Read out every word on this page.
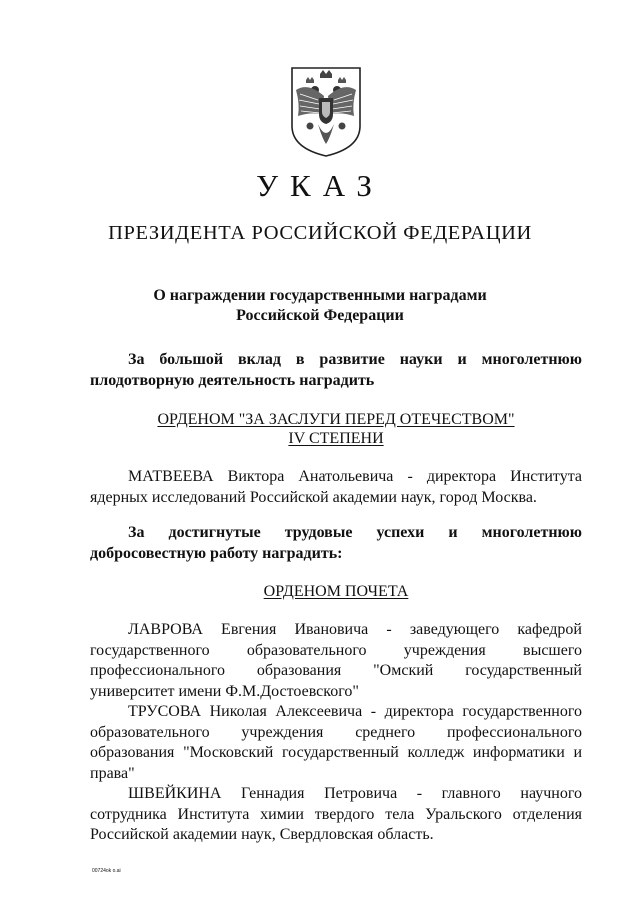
УКАЗ
ПРЕЗИДЕНТА РОССИЙСКОЙ ФЕДЕРАЦИИ
О награждении государственными наградами
Российской Федерации
За большой вклад в развитие науки и многолетнюю
плодотворную деятельность наградить
ОРДЕНОМ "ЗА ЗАСЛУГИ ПЕРЕД ОТЕЧЕСТВОМ"
IV СТЕПЕНИ

МАТВЕЕВА Виктора Анатольевича - директора Института ядерных исследований Российской академии наук, город Москва.

За достигнутые трудовые успехи и многолетнюю
добросовестную работу наградить:
ОРДЕНОМ ПОЧЕТА

ЛАВРОВА Евгения Ивановича - заведующего кафедрой государственного образовательного учреждения высшего профессионального образования "Омский государственный университет имени Ф.М.Достоевского"

ТРУСОВА Николая Алексеевича - директора государственного образовательного учреждения среднего профессионального образования "Московский государственный колледж информатики и права"

ШВЕЙКИНА Геннадия Петровича - главного научного сотрудника Института химии твердого тела Уральского отделения Российской академии наук, Свердловская область.

00724ok о.ai
